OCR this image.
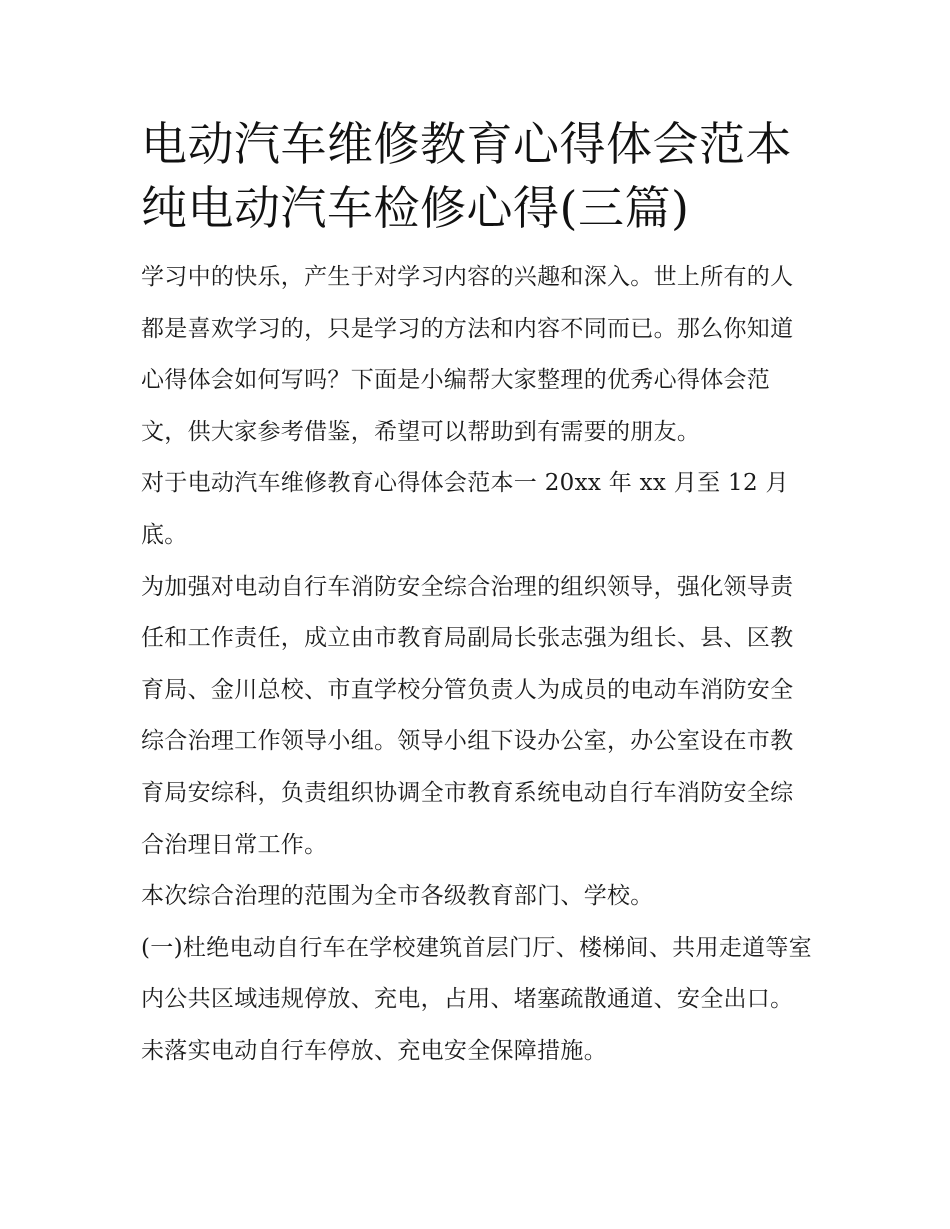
电动汽车维修教育心得体会范本 纯电动汽车检修心得(三篇)

学习中的快乐，产生于对学习内容的兴趣和深入。世上所有的人都是喜欢学习的，只是学习的方法和内容不同而已。那么你知道心得体会如何写吗？下面是小编帮大家整理的优秀心得体会范文，供大家参考借鉴，希望可以帮助到有需要的朋友。

对于电动汽车维修教育心得体会范本一 20xx 年 xx 月至 12 月底。

为加强对电动自行车消防安全综合治理的组织领导，强化领导责任和工作责任，成立由市教育局副局长张志强为组长、县、区教育局、金川总校、市直学校分管负责人为成员的电动车消防安全综合治理工作领导小组。领导小组下设办公室，办公室设在市教育局安综科，负责组织协调全市教育系统电动自行车消防安全综合治理日常工作。

本次综合治理的范围为全市各级教育部门、学校。

(一)杜绝电动自行车在学校建筑首层门厅、楼梯间、共用走道等室内公共区域违规停放、充电，占用、堵塞疏散通道、安全出口。未落实电动自行车停放、充电安全保障措施。
